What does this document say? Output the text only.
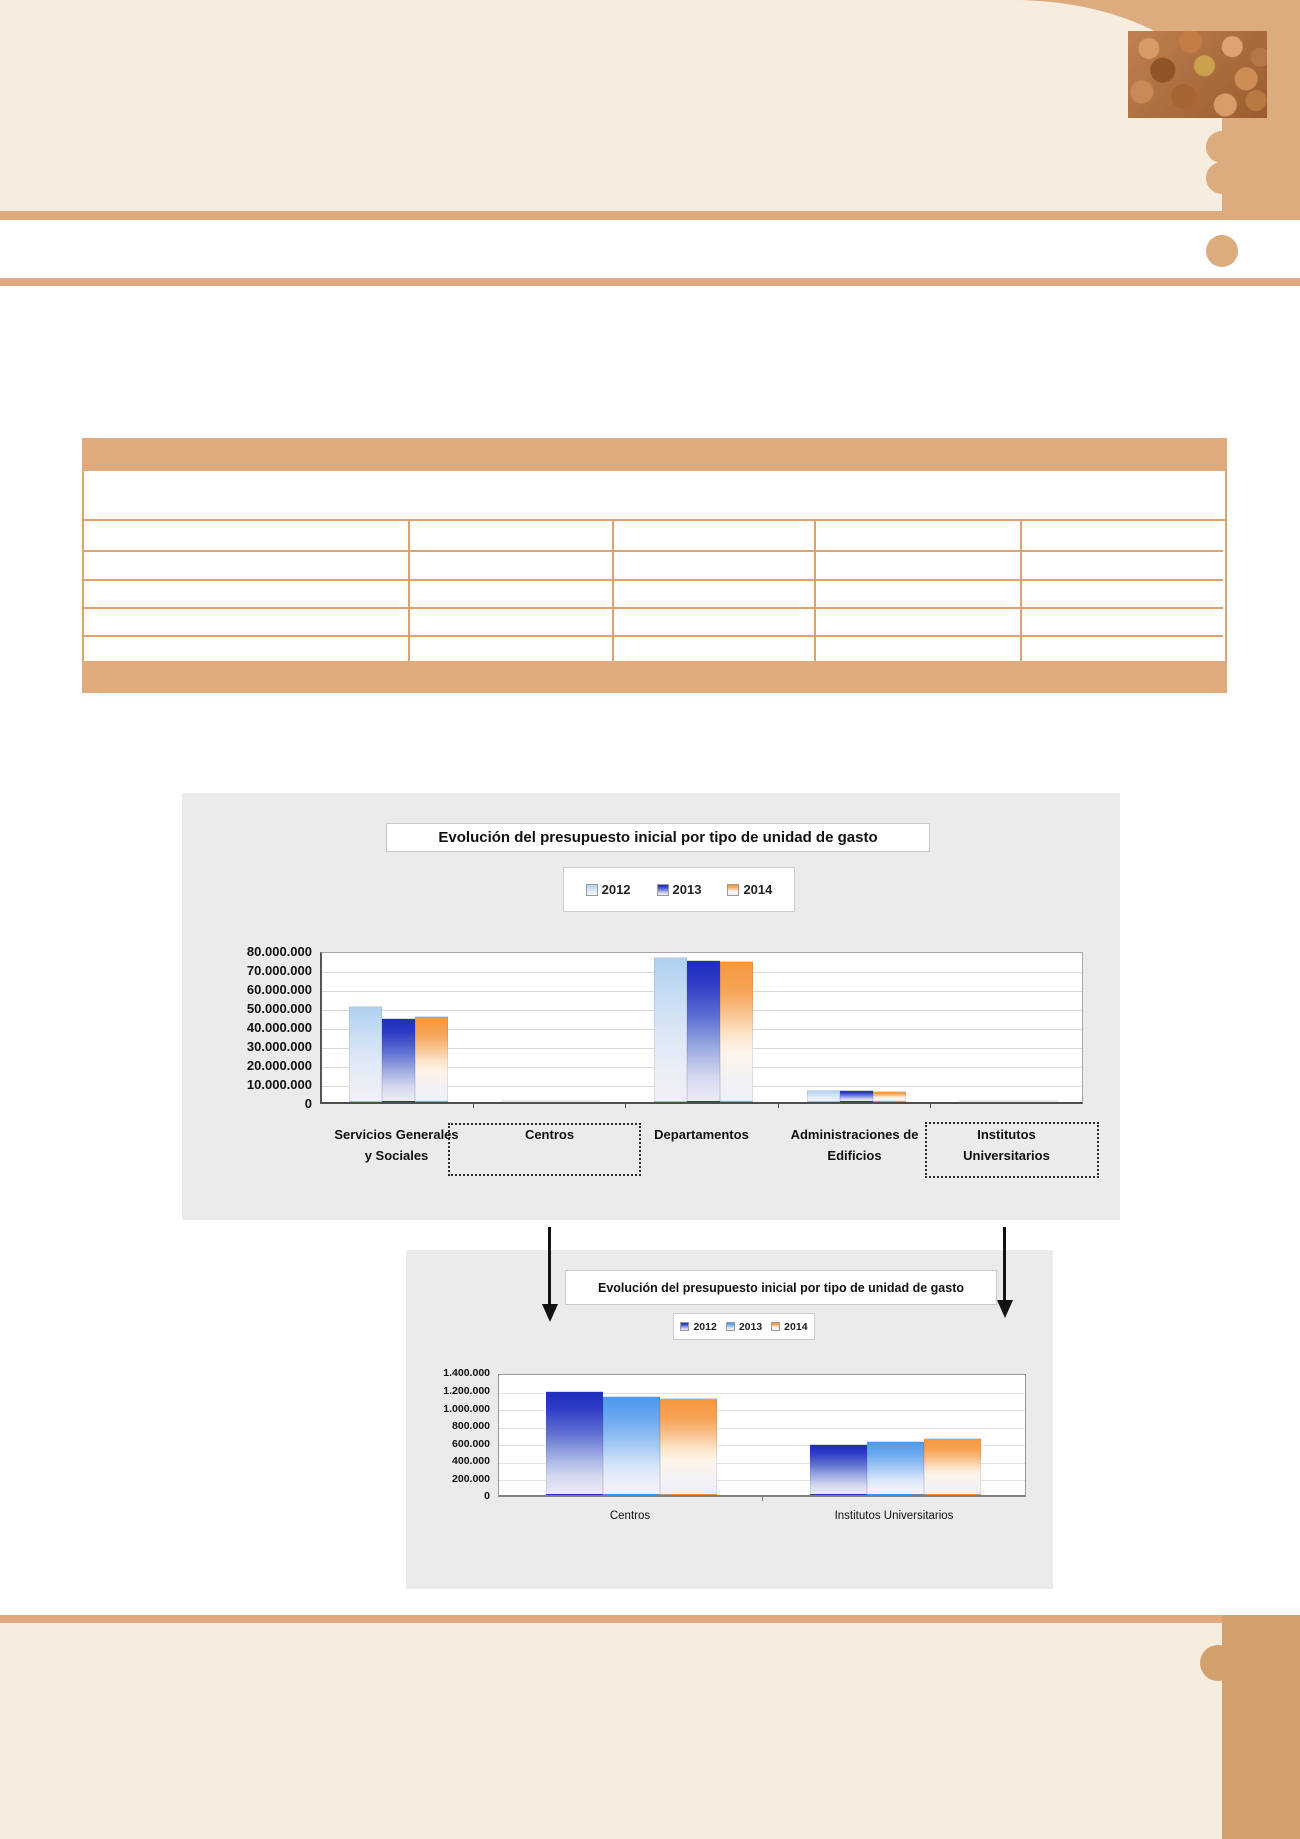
Evolución del presupuesto inicial por tipo de unidad de gasto
2012	2013	2014
Evolución del presupuesto inicial por tipo de unidad de gasto
2012 2013 2014
80.000.000
70.000.000
60.000.000
50.000.000
40.000.000
30.000.000
20.000.000
10.000.000
0
Servicios Generales
y Sociales
Centros	Departamentos	Administraciones de
Edificios
Institutos
Universitarios
1.400.000
1.200.000
1.000.000
800.000
600.000
400.000
200.000
0
Centros	Institutos Universitarios
